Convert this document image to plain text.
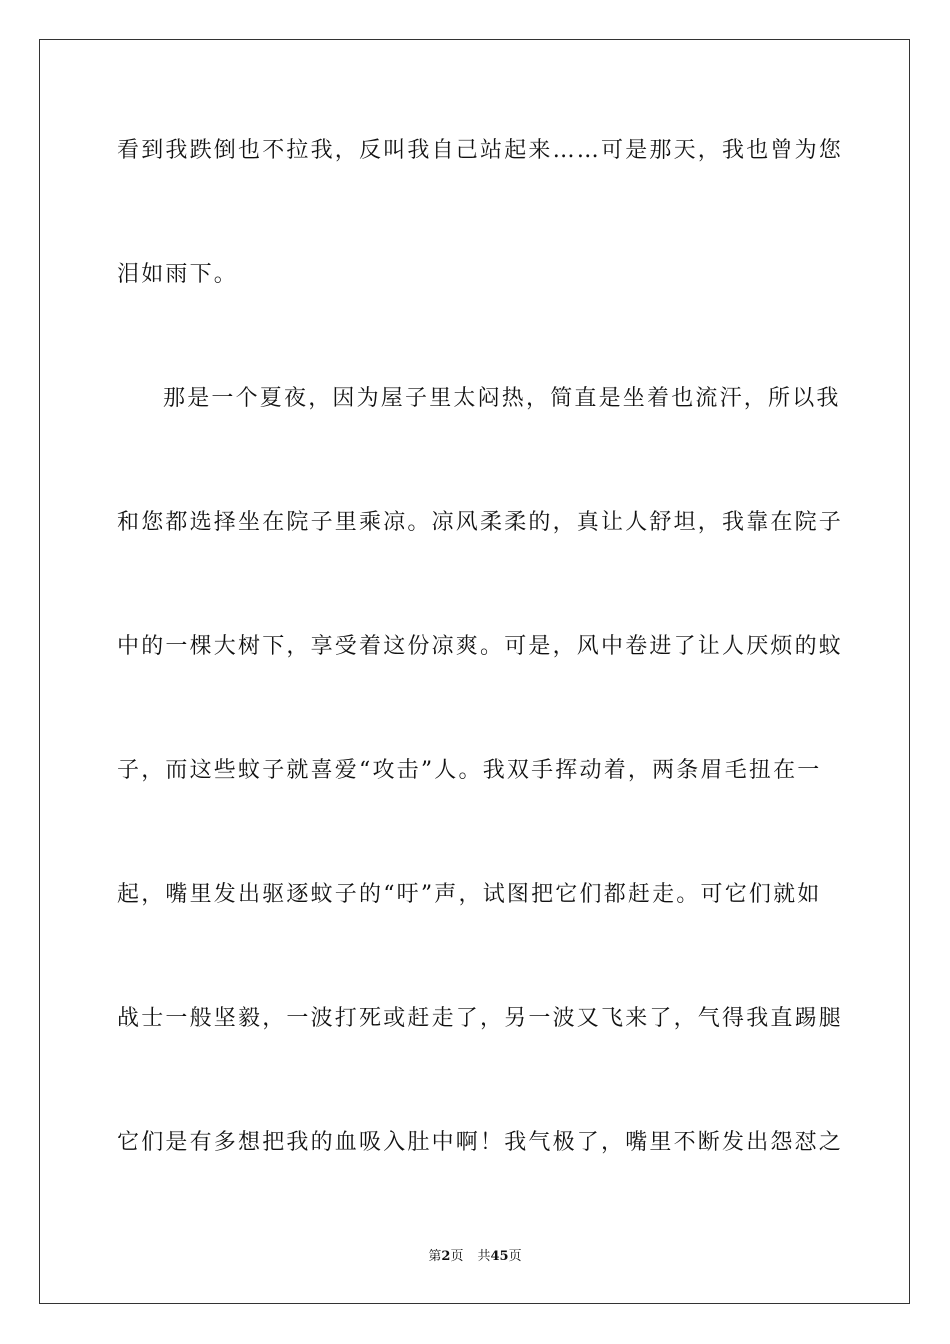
看到我跌倒也不拉我，反叫我自己站起来……可是那天，我也曾为您
泪如雨下。
那是一个夏夜，因为屋子里太闷热，简直是坐着也流汗，所以我
和您都选择坐在院子里乘凉。凉风柔柔的，真让人舒坦，我靠在院子
中的一棵大树下，享受着这份凉爽。可是，风中卷进了让人厌烦的蚊
子，而这些蚊子就喜爱“攻击”人。我双手挥动着，两条眉毛扭在一
起，嘴里发出驱逐蚊子的“吁”声，试图把它们都赶走。可它们就如
战士一般坚毅，一波打死或赶走了，另一波又飞来了，气得我直踢腿
它们是有多想把我的血吸入肚中啊！我气极了，嘴里不断发出怨怼之
第2页 共45页
